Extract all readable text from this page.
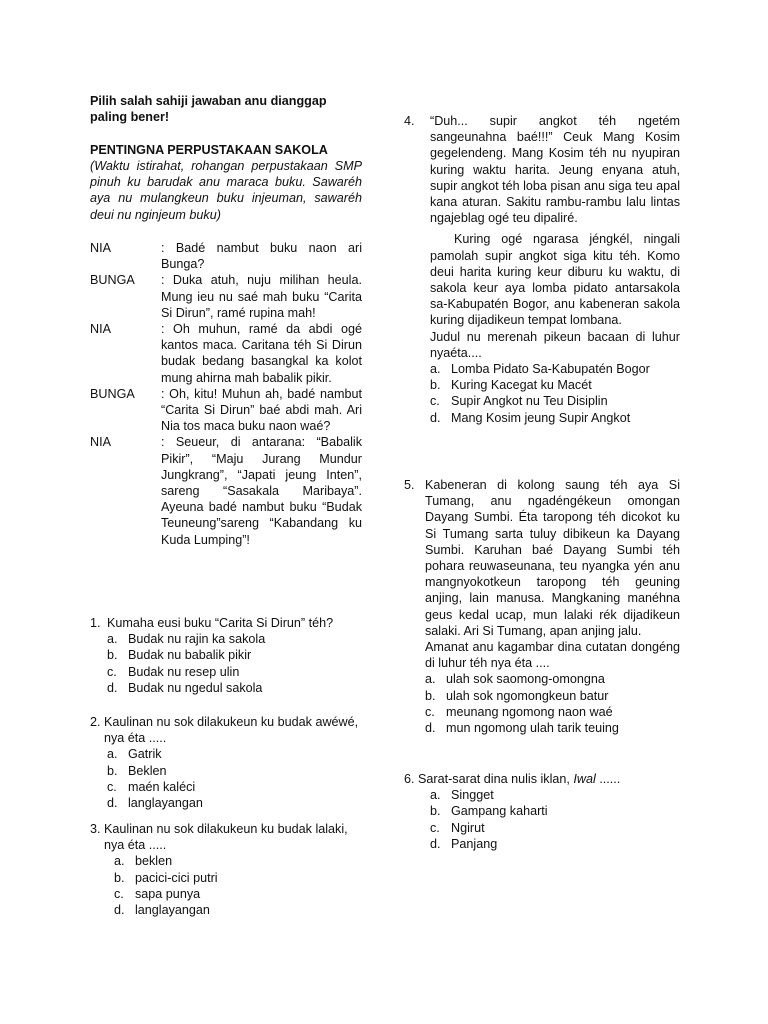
Pilih salah sahiji jawaban anu dianggap paling bener!
PENTINGNA PERPUSTAKAAN SAKOLA
(Waktu istirahat, rohangan perpustakaan SMP pinuh ku barudak anu maraca buku. Sawaréh aya nu mulangkeun buku injeuman, sawaréh deui nu nginjeum buku)
NIA	: Badé nambut buku naon ari Bunga?
BUNGA	: Duka atuh, nuju milihan heula. Mung ieu nu saé mah buku “Carita Si Dirun”, ramé rupina mah!
NIA	: Oh muhun, ramé da abdi ogé kantos maca. Caritana téh Si Dirun budak bedang basangkal ka kolot mung ahirna mah babalik pikir.
BUNGA	: Oh, kitu! Muhun ah, badé nambut “Carita Si Dirun” baé abdi mah. Ari Nia tos maca buku naon waé?
NIA	: Seueur, di antarana: “Babalik Pikir”, “Maju Jurang Mundur Jungkrang”, “Japati jeung Inten”, sareng “Sasakala Maribaya”. Ayeuna badé nambut buku “Budak Teuneung”sareng “Kabandang ku Kuda Lumping”!
1. Kumaha eusi buku “Carita Si Dirun” téh?
a. Budak nu rajin ka sakola
b. Budak nu babalik pikir
c. Budak nu resep ulin
d. Budak nu ngedul sakola
2. Kaulinan nu sok dilakukeun ku budak awéwé, nya éta .....
a. Gatrik
b. Beklen
c. maén kaléci
d. langlayangan
3. Kaulinan nu sok dilakukeun ku budak lalaki, nya éta .....
a. beklen
b. pacici-cici putri
c. sapa punya
d. langlayangan
4.	“Duh... supir angkot téh ngetém sangeunahna baé!!!” Ceuk Mang Kosim gegelendeng. Mang Kosim téh nu nyupiran kuring waktu harita. Jeung enyana atuh, supir angkot téh loba pisan anu siga teu apal kana aturan. Sakitu rambu-rambu lalu lintas ngajeblag ogé teu dipaliré.
Kuring ogé ngarasa jéngkél, ningali pamolah supir angkot siga kitu téh. Komo deui harita kuring keur diburu ku waktu, di sakola keur aya lomba pidato antarsakola sa-Kabupatén Bogor, anu kabeneran sakola kuring dijadikeun tempat lombana.
Judul nu merenah pikeun bacaan di luhur nyaéta....
a. Lomba Pidato Sa-Kabupatén Bogor
b. Kuring Kacegat ku Macét
c. Supir Angkot nu Teu Disiplin
d. Mang Kosim jeung Supir Angkot
5. Kabeneran di kolong saung téh aya Si Tumang, anu ngadéngékeun omongan Dayang Sumbi. Éta taropong téh dicokot ku Si Tumang sarta tuluy dibikeun ka Dayang Sumbi. Karuhan baé Dayang Sumbi téh pohara reuwaseunana, teu nyangka yén anu mangnyokotkeun taropong téh geuning anjing, lain manusa. Mangkaning manéhna geus kedal ucap, mun lalaki rék dijadikeun salaki. Ari Si Tumang, apan anjing jalu.
Amanat anu kagambar dina cutatan dongéng di luhur téh nya éta ....
a. ulah sok saomong-omongna
b. ulah sok ngomongkeun batur
c. meunang ngomong naon waé
d. mun ngomong ulah tarik teuing
6. Sarat-sarat dina nulis iklan, Iwal ......
a. Singget
b. Gampang kaharti
c. Ngirut
d. Panjang
